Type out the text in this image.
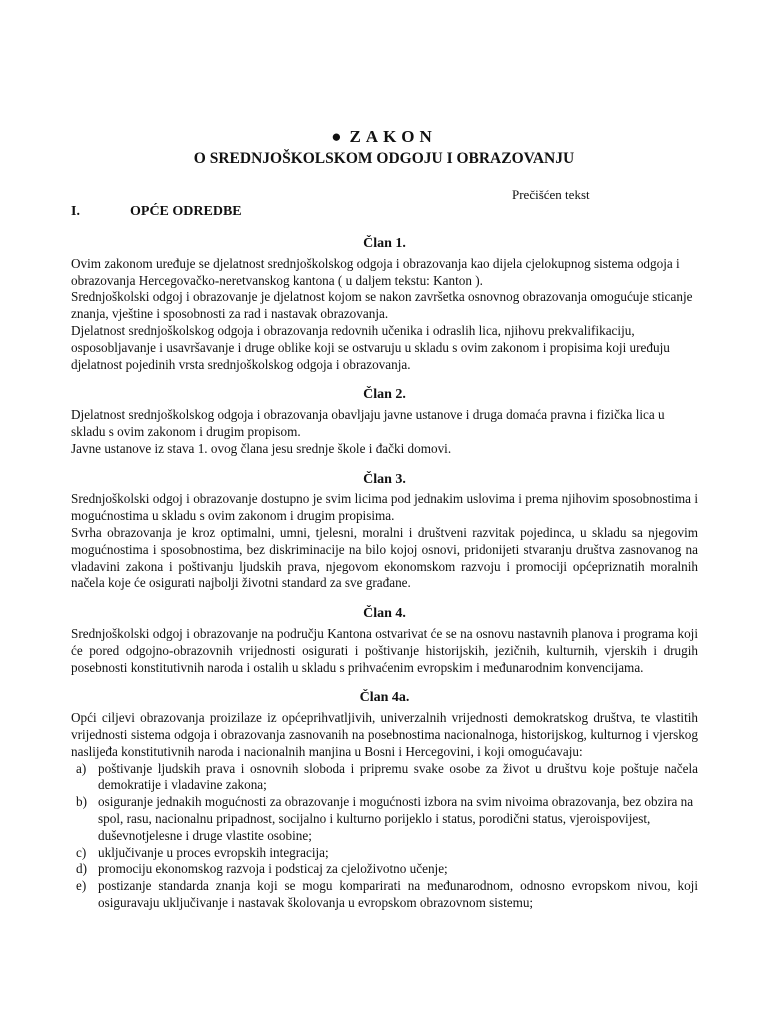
● ZAKON
O SREDNJOŠKOLSKOM ODGOJU I OBRAZOVANJU
Prečišćen tekst
I.	OPĆE ODREDBE
Član 1.

Ovim zakonom uređuje se djelatnost srednjoškolskog odgoja i obrazovanja kao dijela cjelokupnog sistema odgoja i obrazovanja Hercegovačko-neretvanskog kantona ( u daljem tekstu: Kanton ).

Srednjoškolski odgoj i obrazovanje je djelatnost kojom se nakon završetka osnovnog obrazovanja omogućuje sticanje znanja, vještine i sposobnosti za rad i nastavak obrazovanja.

Djelatnost srednjoškolskog odgoja i obrazovanja redovnih učenika i odraslih lica, njihovu prekvalifikaciju, osposobljavanje i usavršavanje i druge oblike koji se ostvaruju u skladu s ovim zakonom i propisima koji uređuju djelatnost pojedinih vrsta srednjoškolskog odgoja i obrazovanja.

Član 2.

Djelatnost srednjoškolskog odgoja i obrazovanja obavljaju javne ustanove i druga domaća pravna i fizička lica u skladu s ovim zakonom i drugim propisom.

Javne ustanove iz stava 1. ovog člana jesu srednje škole i đački domovi.

Član 3.

Srednjoškolski odgoj i obrazovanje dostupno je svim licima pod jednakim uslovima i prema njihovim sposobnostima i mogućnostima u skladu s ovim zakonom i drugim propisima.

Svrha obrazovanja je kroz optimalni, umni, tjelesni, moralni i društveni razvitak pojedinca, u skladu sa njegovim mogućnostima i sposobnostima, bez diskriminacije na bilo kojoj osnovi, pridonijeti stvaranju društva zasnovanog na vladavini zakona i poštivanju ljudskih prava, njegovom ekonomskom razvoju i promociji općepriznatih moralnih načela koje će osigurati najbolji životni standard za sve građane.

Član 4.

Srednjoškolski odgoj i obrazovanje na području Kantona ostvarivat će se na osnovu nastavnih planova i programa koji će pored odgojno-obrazovnih vrijednosti osigurati i poštivanje historijskih, jezičnih, kulturnih, vjerskih i drugih posebnosti konstitutivnih naroda i ostalih u skladu s prihvaćenim evropskim i međunarodnim konvencijama.

Član 4a.

Opći ciljevi obrazovanja proizilaze iz općeprihvatljivih, univerzalnih vrijednosti demokratskog društva, te vlastitih vrijednosti sistema odgoja i obrazovanja zasnovanih na posebnostima nacionalnoga, historijskog, kulturnog i vjerskog naslijeđa konstitutivnih naroda i nacionalnih manjina u Bosni i Hercegovini, i koji omogućavaju:

a) poštivanje ljudskih prava i osnovnih sloboda i pripremu svake osobe za život u društvu koje poštuje načela demokratije i vladavine zakona;
b) osiguranje jednakih mogućnosti za obrazovanje i mogućnosti izbora na svim nivoima obrazovanja, bez obzira na spol, rasu, nacionalnu pripadnost, socijalno i kulturno porijeklo i status, porodični status, vjeroispovijest, duševnotjelesne i druge vlastite osobine;
c) uključivanje u proces evropskih integracija;
d) promociju ekonomskog razvoja i podsticaj za cjeloživotno učenje;
e) postizanje standarda znanja koji se mogu komparirati na međunarodnom, odnosno evropskom nivou, koji osiguravaju uključivanje i nastavak školovanja u evropskom obrazovnom sistemu;
